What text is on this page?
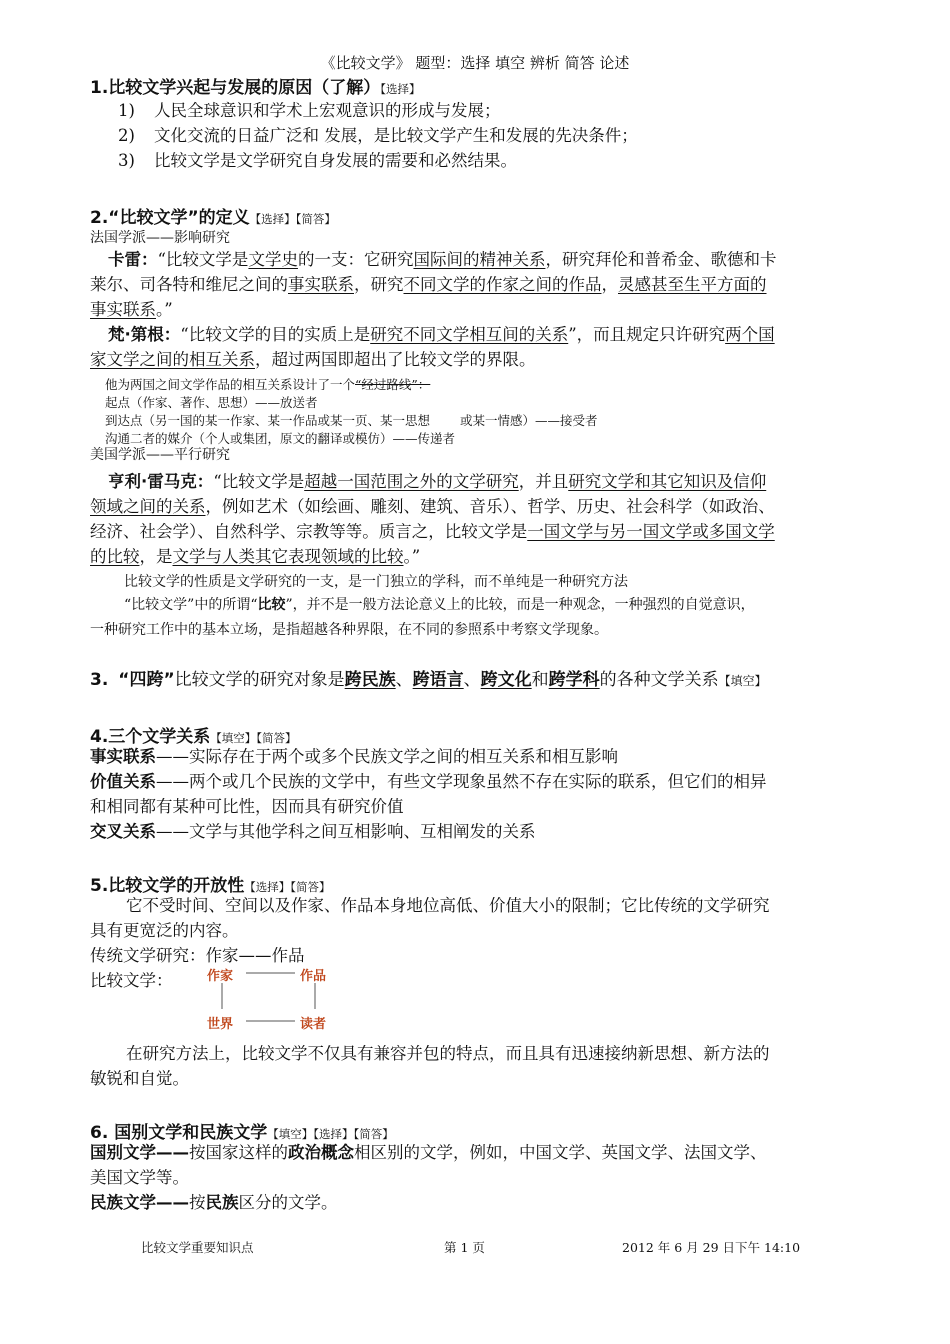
《比较文学》 题型：选择 填空 辨析 简答 论述
1.比较文学兴起与发展的原因（了解）【选择】
1) 人民全球意识和学术上宏观意识的形成与发展；
2) 文化交流的日益广泛和 发展，是比较文学产生和发展的先决条件；
3) 比较文学是文学研究自身发展的需要和必然结果。
2.“比较文学”的定义【选择】【简答】
法国学派——影响研究
卡雷：“比较文学是文学史的一支：它研究国际间的精神关系，研究拜伦和普希金、歌德和卡
莱尔、司各特和维尼之间的事实联系，研究不同文学的作家之间的作品，灵感甚至生平方面的
事实联系。”
梵·第根：“比较文学的目的实质上是研究不同文学相互间的关系”，而且规定只许研究两个国
家文学之间的相互关系，超过两国即超出了比较文学的界限。
他为两国之间文学作品的相互关系设计了一个“经过路线”：
起点（作家、著作、思想）——放送者
到达点（另一国的某一作家、某一作品或某一页、某一思想 或某一情感）——接受者
沟通二者的媒介（个人或集团，原文的翻译或模仿）——传递者
美国学派——平行研究
亨利·雷马克：“比较文学是超越一国范围之外的文学研究，并且研究文学和其它知识及信仰
领域之间的关系，例如艺术（如绘画、雕刻、建筑、音乐）、哲学、历史、社会科学（如政治、
经济、社会学）、自然科学、宗教等等。质言之，比较文学是一国文学与另一国文学或多国文学
的比较，是文学与人类其它表现领域的比较。”
比较文学的性质是文学研究的一支，是一门独立的学科，而不单纯是一种研究方法
“比较文学”中的所谓“比较”，并不是一般方法论意义上的比较，而是一种观念，一种强烈的自觉意识，
一种研究工作中的基本立场，是指超越各种界限，在不同的参照系中考察文学现象。
3. “四跨”比较文学的研究对象是跨民族、跨语言、跨文化和跨学科的各种文学关系【填空】
4.三个文学关系【填空】【简答】
事实联系——实际存在于两个或多个民族文学之间的相互关系和相互影响
价值关系——两个或几个民族的文学中，有些文学现象虽然不存在实际的联系，但它们的相异
和相同都有某种可比性，因而具有研究价值
交叉关系——文学与其他学科之间互相影响、互相阐发的关系
5.比较文学的开放性【选择】【简答】
它不受时间、空间以及作家、作品本身地位高低、价值大小的限制；它比传统的文学研究
具有更宽泛的内容。
传统文学研究：作家——作品
比较文学：	作家	作品
世界	读者
在研究方法上，比较文学不仅具有兼容并包的特点，而且具有迅速接纳新思想、新方法的
敏锐和自觉。
6. 国别文学和民族文学【填空】【选择】【简答】
国别文学——按国家这样的政治概念相区别的文学，例如，中国文学、英国文学、法国文学、
美国文学等。
民族文学——按民族区分的文学。
比较文学重要知识点	第 1 页	2012 年 6 月 29 日下午 14:10
